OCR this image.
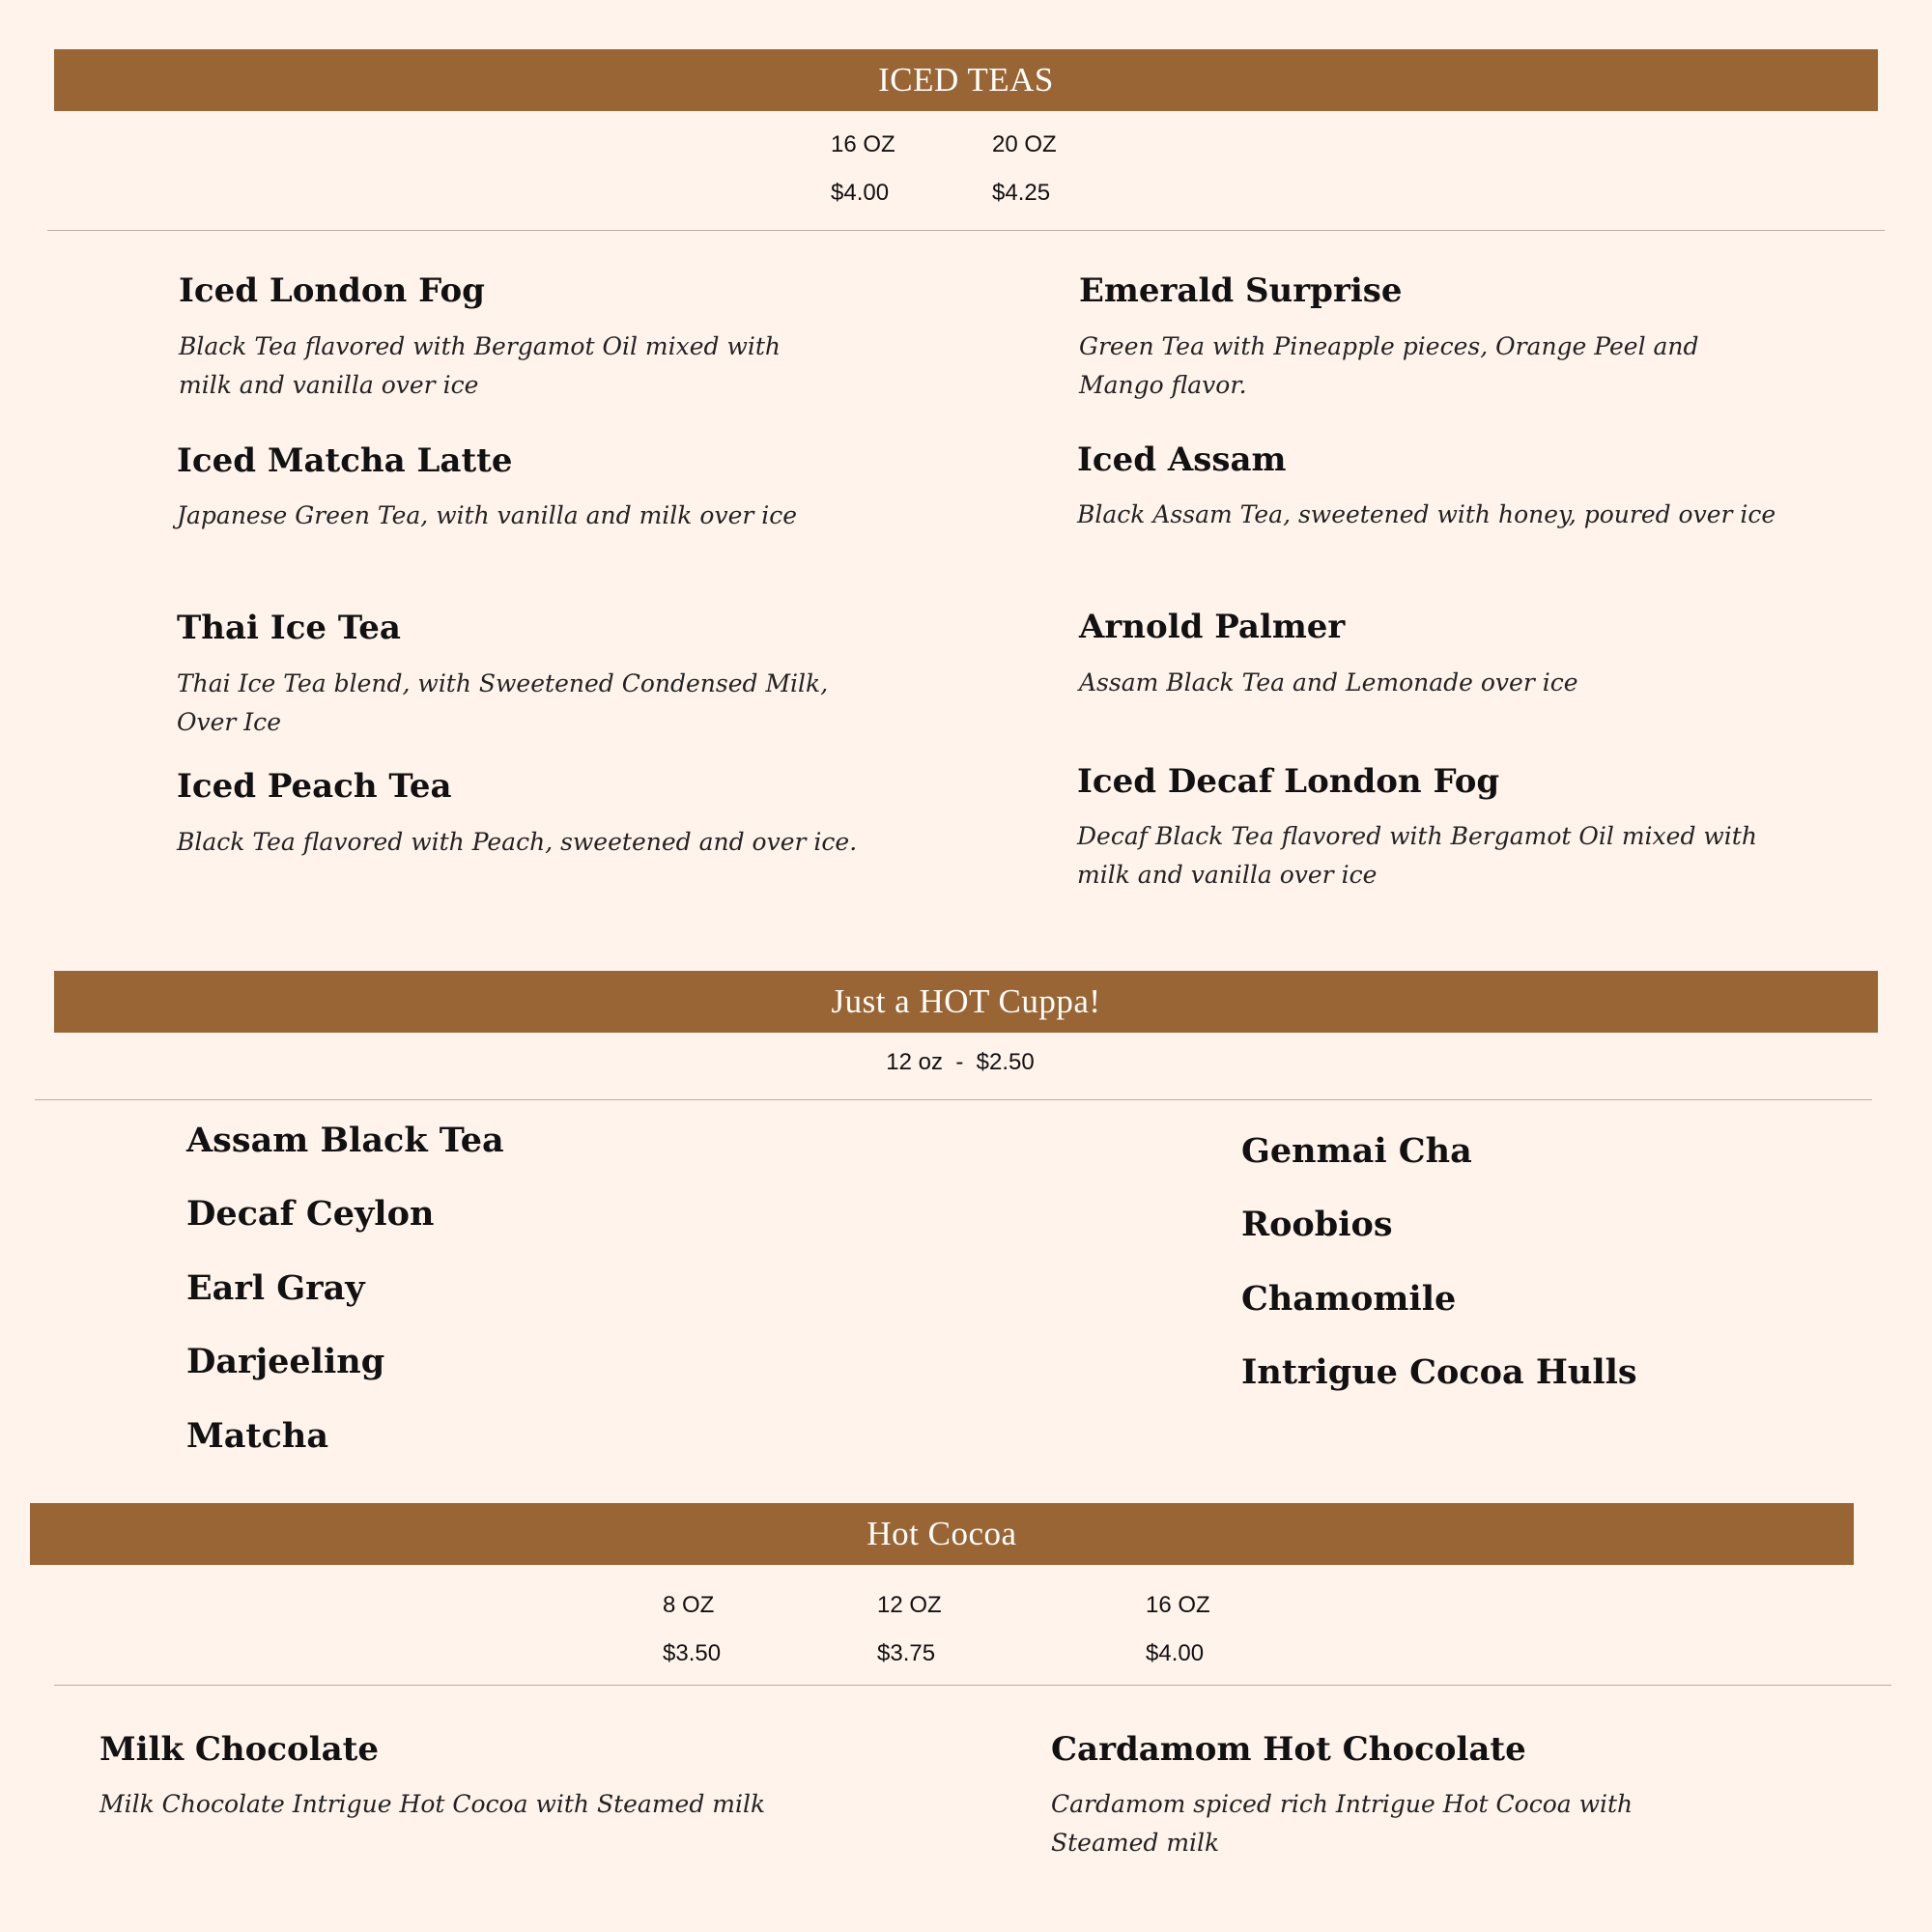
ICED TEAS
16 OZ	20 OZ
$4.00	$4.25
Iced London Fog
Black Tea flavored with Bergamot Oil mixed with milk and vanilla over ice
Emerald Surprise
Green Tea with Pineapple pieces, Orange Peel and Mango flavor.
Iced Matcha Latte
Japanese Green Tea, with vanilla and milk over ice
Iced Assam
Black Assam Tea, sweetened with honey, poured over ice
Thai Ice Tea
Thai Ice Tea blend, with Sweetened Condensed Milk, Over Ice
Arnold Palmer
Assam Black Tea and Lemonade over ice
Iced Peach Tea
Black Tea flavored with Peach, sweetened and over ice.
Iced Decaf London Fog
Decaf Black Tea flavored with Bergamot Oil mixed with milk and vanilla over ice
Just a HOT Cuppa!
12 oz  -  $2.50
Assam Black Tea
Decaf Ceylon
Earl Gray
Darjeeling
Matcha
Genmai Cha
Roobios
Chamomile
Intrigue Cocoa Hulls
Hot Cocoa
8 OZ	12 OZ	16 OZ
$3.50	$3.75	$4.00
Milk Chocolate
Milk Chocolate Intrigue Hot Cocoa with Steamed milk
Cardamom Hot Chocolate
Cardamom spiced rich Intrigue Hot Cocoa with Steamed milk
